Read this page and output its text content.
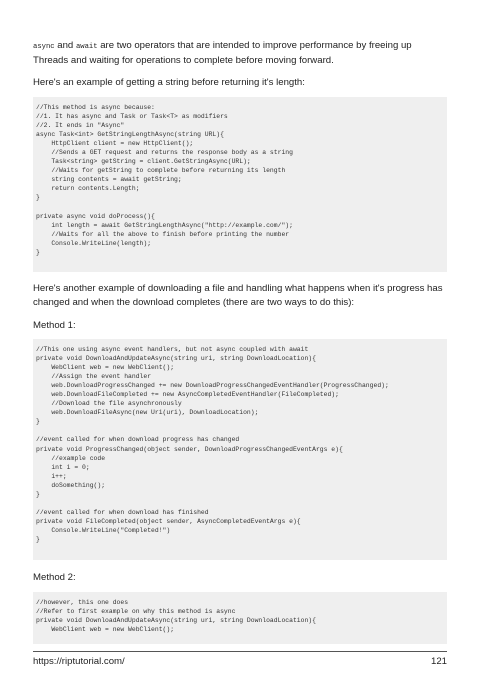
async and await are two operators that are intended to improve performance by freeing up Threads and waiting for operations to complete before moving forward.

Here's an example of getting a string before returning it's length:

//This method is async because:
//1. It has async and Task or Task<T> as modifiers
//2. It ends in "Async"
async Task<int> GetStringLengthAsync(string URL){
HttpClient client = new HttpClient();
//Sends a GET request and returns the response body as a string
Task<string> getString = client.GetStringAsync(URL);
//Waits for getString to complete before returning its length
string contents = await getString;
return contents.Length;
}
private async void doProcess(){
int length = await GetStringLengthAsync("http://example.com/");
//Waits for all the above to finish before printing the number
Console.WriteLine(length);
}

Here's another example of downloading a file and handling what happens when it's progress has changed and when the download completes (there are two ways to do this):

Method 1:

//This one using async event handlers, but not async coupled with await
private void DownloadAndUpdateAsync(string uri, string DownloadLocation){
WebClient web = new WebClient();
//Assign the event handler
web.DownloadProgressChanged += new DownloadProgressChangedEventHandler(ProgressChanged);
web.DownloadFileCompleted += new AsyncCompletedEventHandler(FileCompleted);
//Download the file asynchronously
web.DownloadFileAsync(new Uri(uri), DownloadLocation);
}
//event called for when download progress has changed
private void ProgressChanged(object sender, DownloadProgressChangedEventArgs e){
//example code
int i = 0;
i++;
doSomething();
}
//event called for when download has finished
private void FileCompleted(object sender, AsyncCompletedEventArgs e){
Console.WriteLine("Completed!")
}

Method 2:

//however, this one does
//Refer to first example on why this method is async
private void DownloadAndUpdateAsync(string uri, string DownloadLocation){
WebClient web = new WebClient();
https://riptutorial.com/	121
